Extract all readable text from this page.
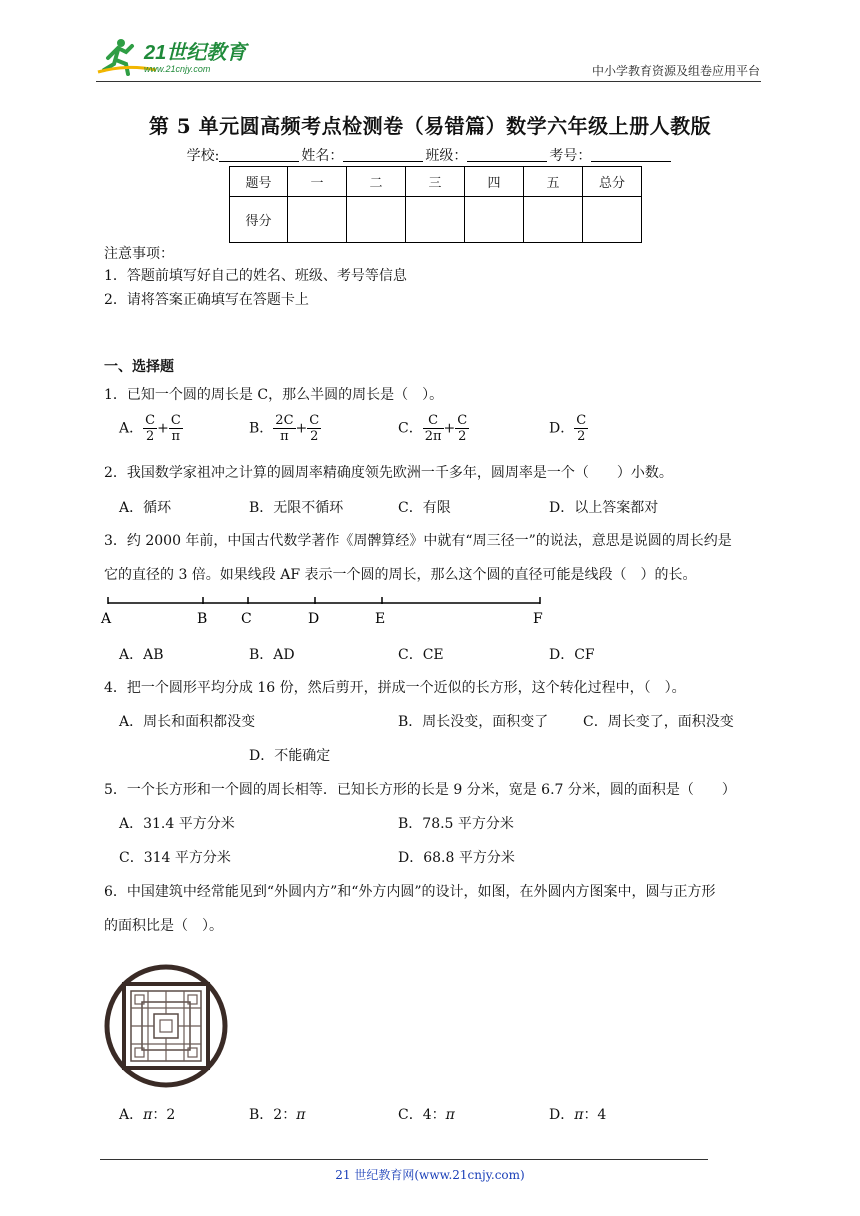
21世纪教育
www.21cnjy.com	中小学教育资源及组卷应用平台
第 5 单元圆高频考点检测卷（易错篇）数学六年级上册人教版
学校:	姓名：	班级：	考号：
题号	一	二	三	四	五	总分
得分						
注意事项：
1．答题前填写好自己的姓名、班级、考号等信息
2．请将答案正确填写在答题卡上
一、选择题
1．已知一个圆的周长是 C，那么半圆的周长是（　）。
A． $\frac{C}{2} + \frac{C}{\pi}$	B． $\frac{2C}{\pi} + \frac{C}{2}$	C． $\frac{C}{2\pi} + \frac{C}{2}$	D． $\frac{C}{2}$
2．我国数学家祖冲之计算的圆周率精确度领先欧洲一千多年，圆周率是一个（　　）小数。
A．循环	B．无限不循环	C．有限	D．以上答案都对
3．约 2000 年前，中国古代数学著作《周髀算经》中就有“周三径一”的说法，意思是说圆的周长约是
它的直径的 3 倍。如果线段 AF 表示一个圆的周长，那么这个圆的直径可能是线段（　）的长。
A	B C	D	E	F
A．AB	B．AD	C．CE	D．CF
4．把一个圆形平均分成 16 份，然后剪开，拼成一个近似的长方形，这个转化过程中，（　）。
A．周长和面积都没变	B．周长没变，面积变了 C．周长变了，面积没变
D．不能确定
5．一个长方形和一个圆的周长相等．已知长方形的长是 9 分米，宽是 6.7 分米，圆的面积是（　　）
A．31.4 平方分米	B．78.5 平方分米
C．314 平方分米	D．68.8 平方分米
6．中国建筑中经常能见到“外圆内方”和“外方内圆”的设计，如图，在外圆内方图案中，圆与正方形
的面积比是（　）。
A．π：2	B．2：π	C．4：π	D．π：4
21 世纪教育网(www.21cnjy.com)
